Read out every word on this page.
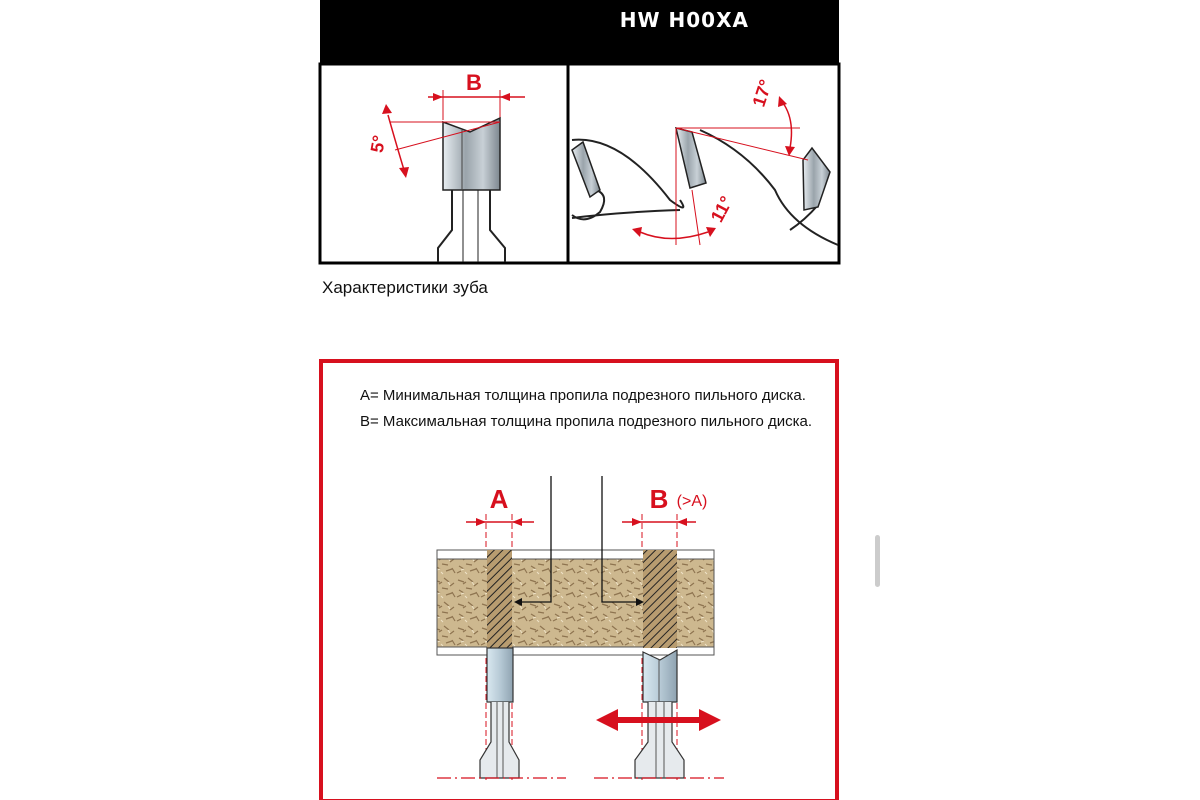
HW H00XA
B
5°
17°
11°
A= Минимальная толщина пропила подрезного пильного диска.
B= Максимальная толщина пропила подрезного пильного диска.
A	B (>A)
Характеристики зуба
